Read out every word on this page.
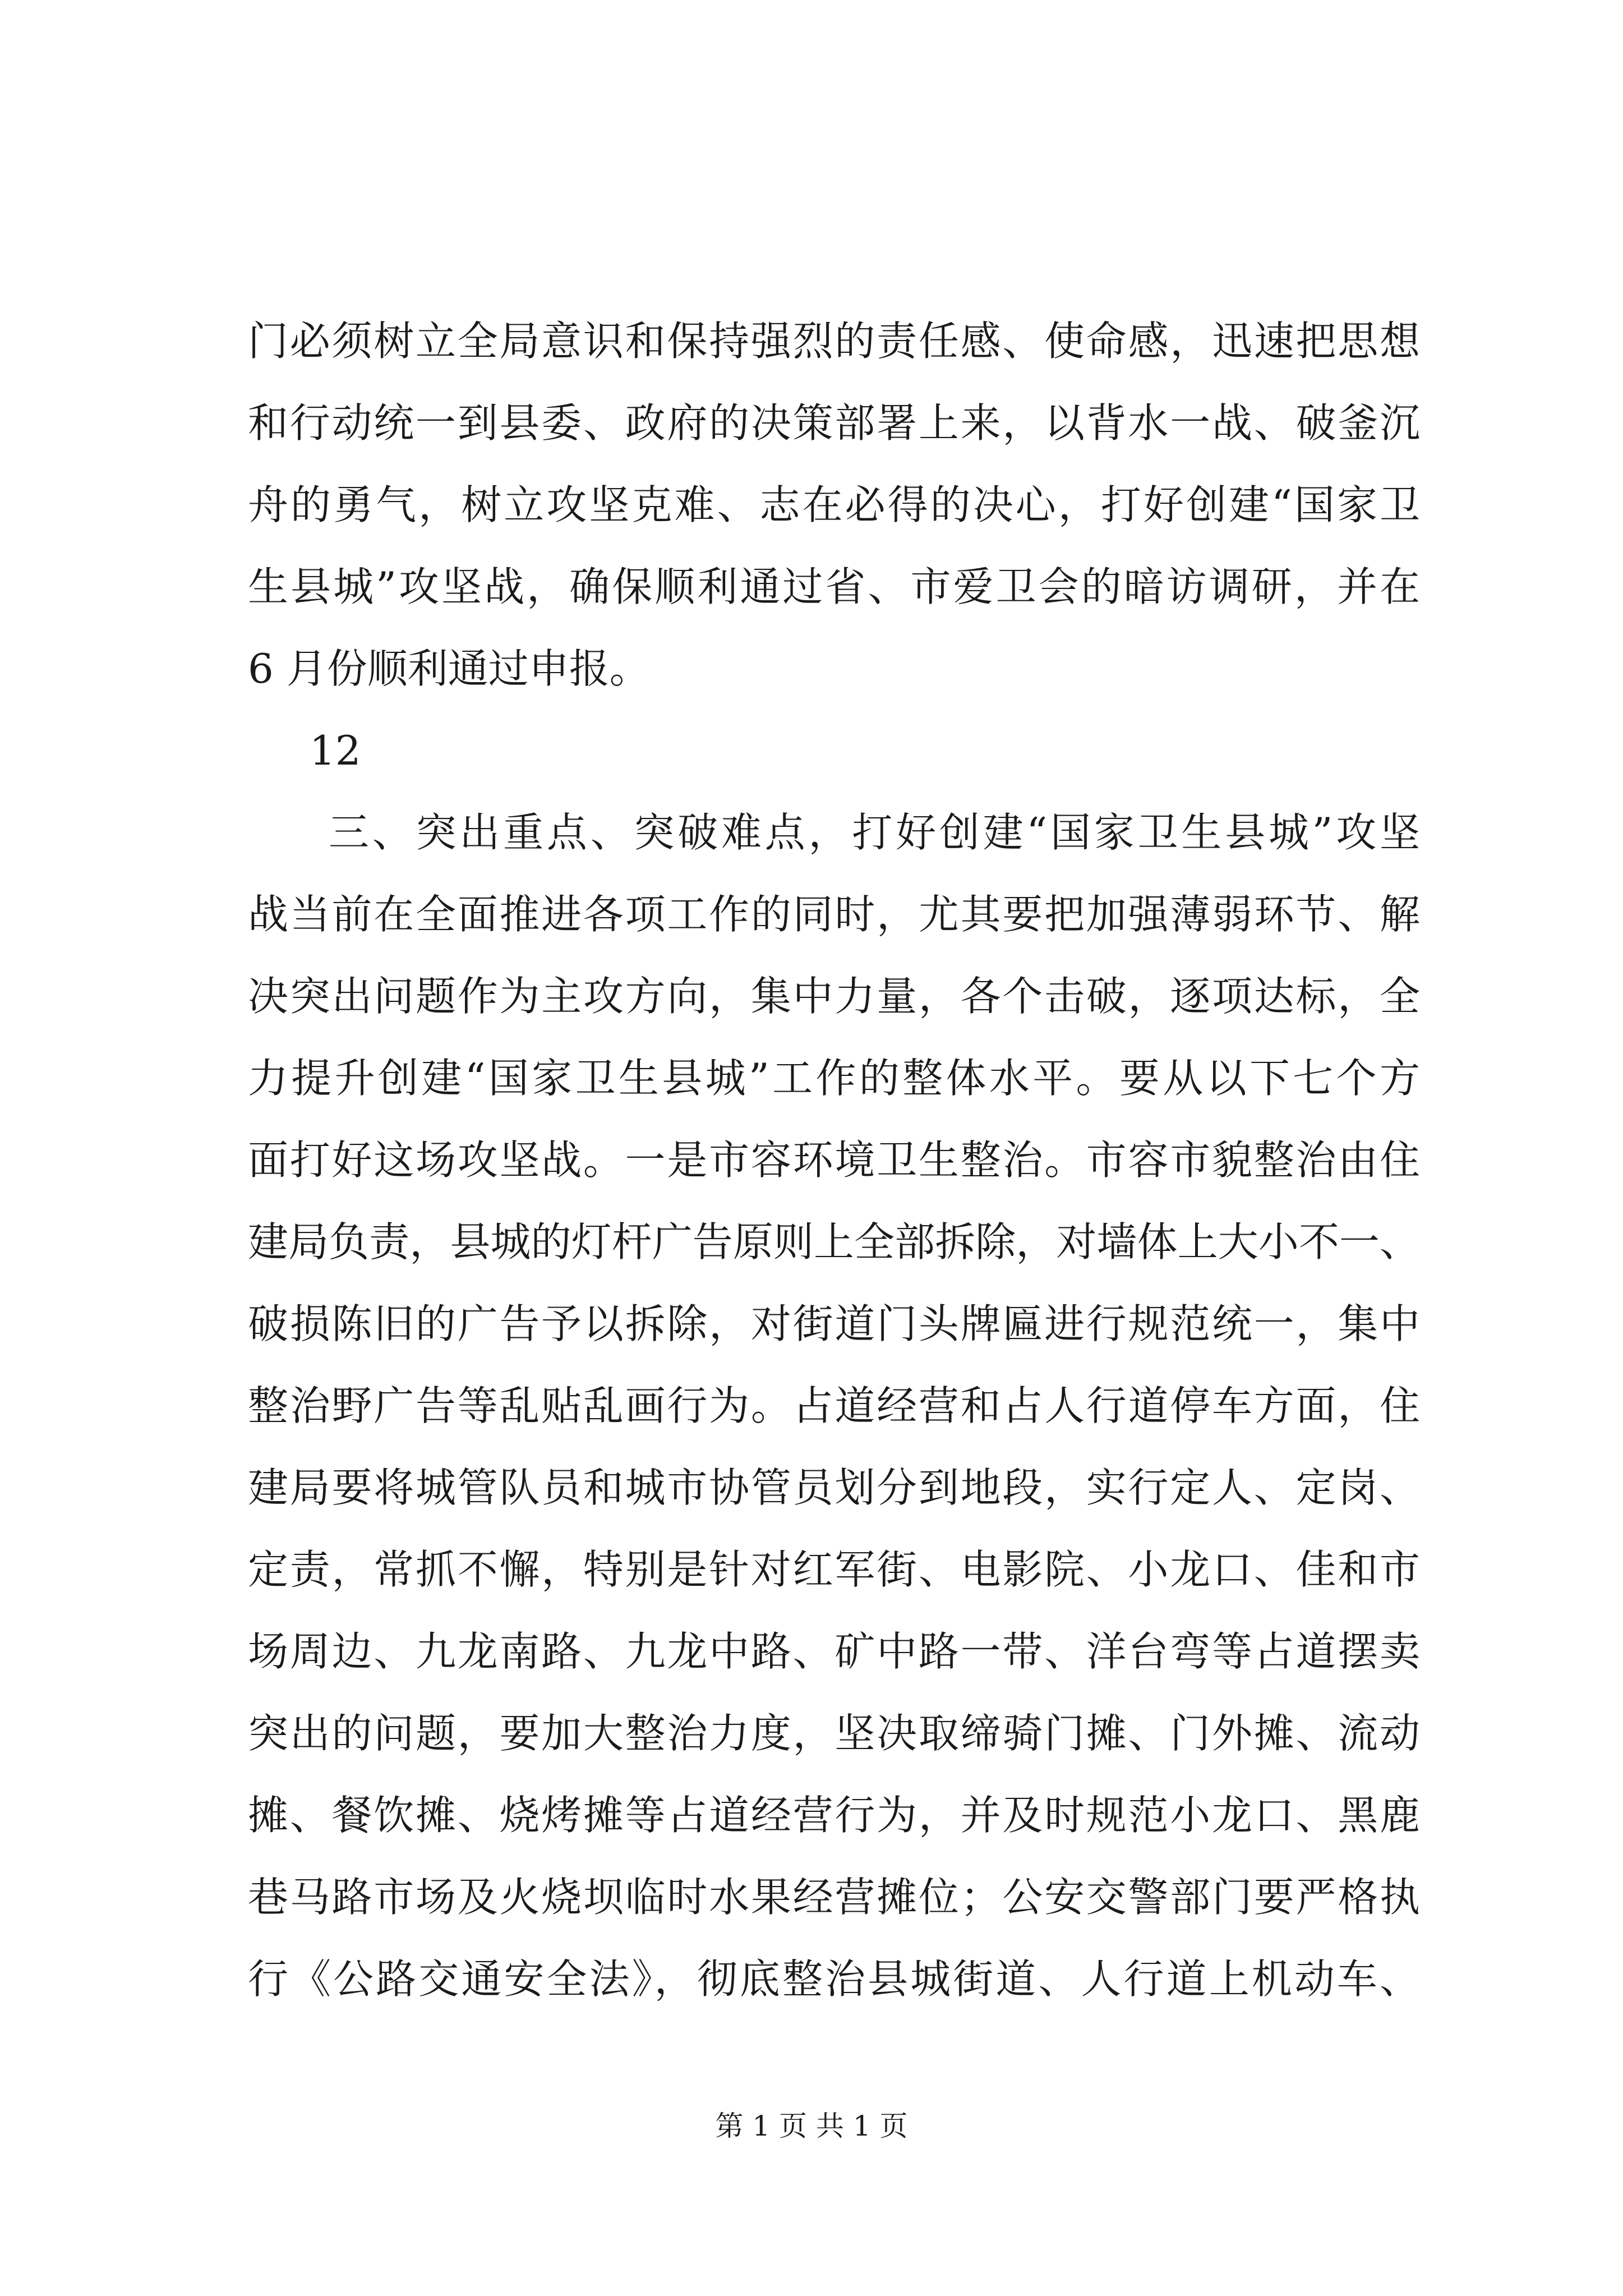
门必须树立全局意识和保持强烈的责任感、使命感，迅速把思想
和行动统一到县委、政府的决策部署上来，以背水一战、破釜沉
舟的勇气，树立攻坚克难、志在必得的决心，打好创建“国家卫
生县城”攻坚战，确保顺利通过省、市爱卫会的暗访调研，并在
6 月份顺利通过申报。
12
三、突出重点、突破难点，打好创建“国家卫生县城”攻坚
战当前在全面推进各项工作的同时，尤其要把加强薄弱环节、解
决突出问题作为主攻方向，集中力量，各个击破，逐项达标，全
力提升创建“国家卫生县城”工作的整体水平。要从以下七个方
面打好这场攻坚战。一是市容环境卫生整治。市容市貌整治由住
建局负责，县城的灯杆广告原则上全部拆除，对墙体上大小不一、
破损陈旧的广告予以拆除，对街道门头牌匾进行规范统一，集中
整治野广告等乱贴乱画行为。占道经营和占人行道停车方面，住
建局要将城管队员和城市协管员划分到地段，实行定人、定岗、
定责，常抓不懈，特别是针对红军街、电影院、小龙口、佳和市
场周边、九龙南路、九龙中路、矿中路一带、洋台弯等占道摆卖
突出的问题，要加大整治力度，坚决取缔骑门摊、门外摊、流动
摊、餐饮摊、烧烤摊等占道经营行为，并及时规范小龙口、黑鹿
巷马路市场及火烧坝临时水果经营摊位；公安交警部门要严格执
行《公路交通安全法》，彻底整治县城街道、人行道上机动车、
第 1 页 共 1 页
